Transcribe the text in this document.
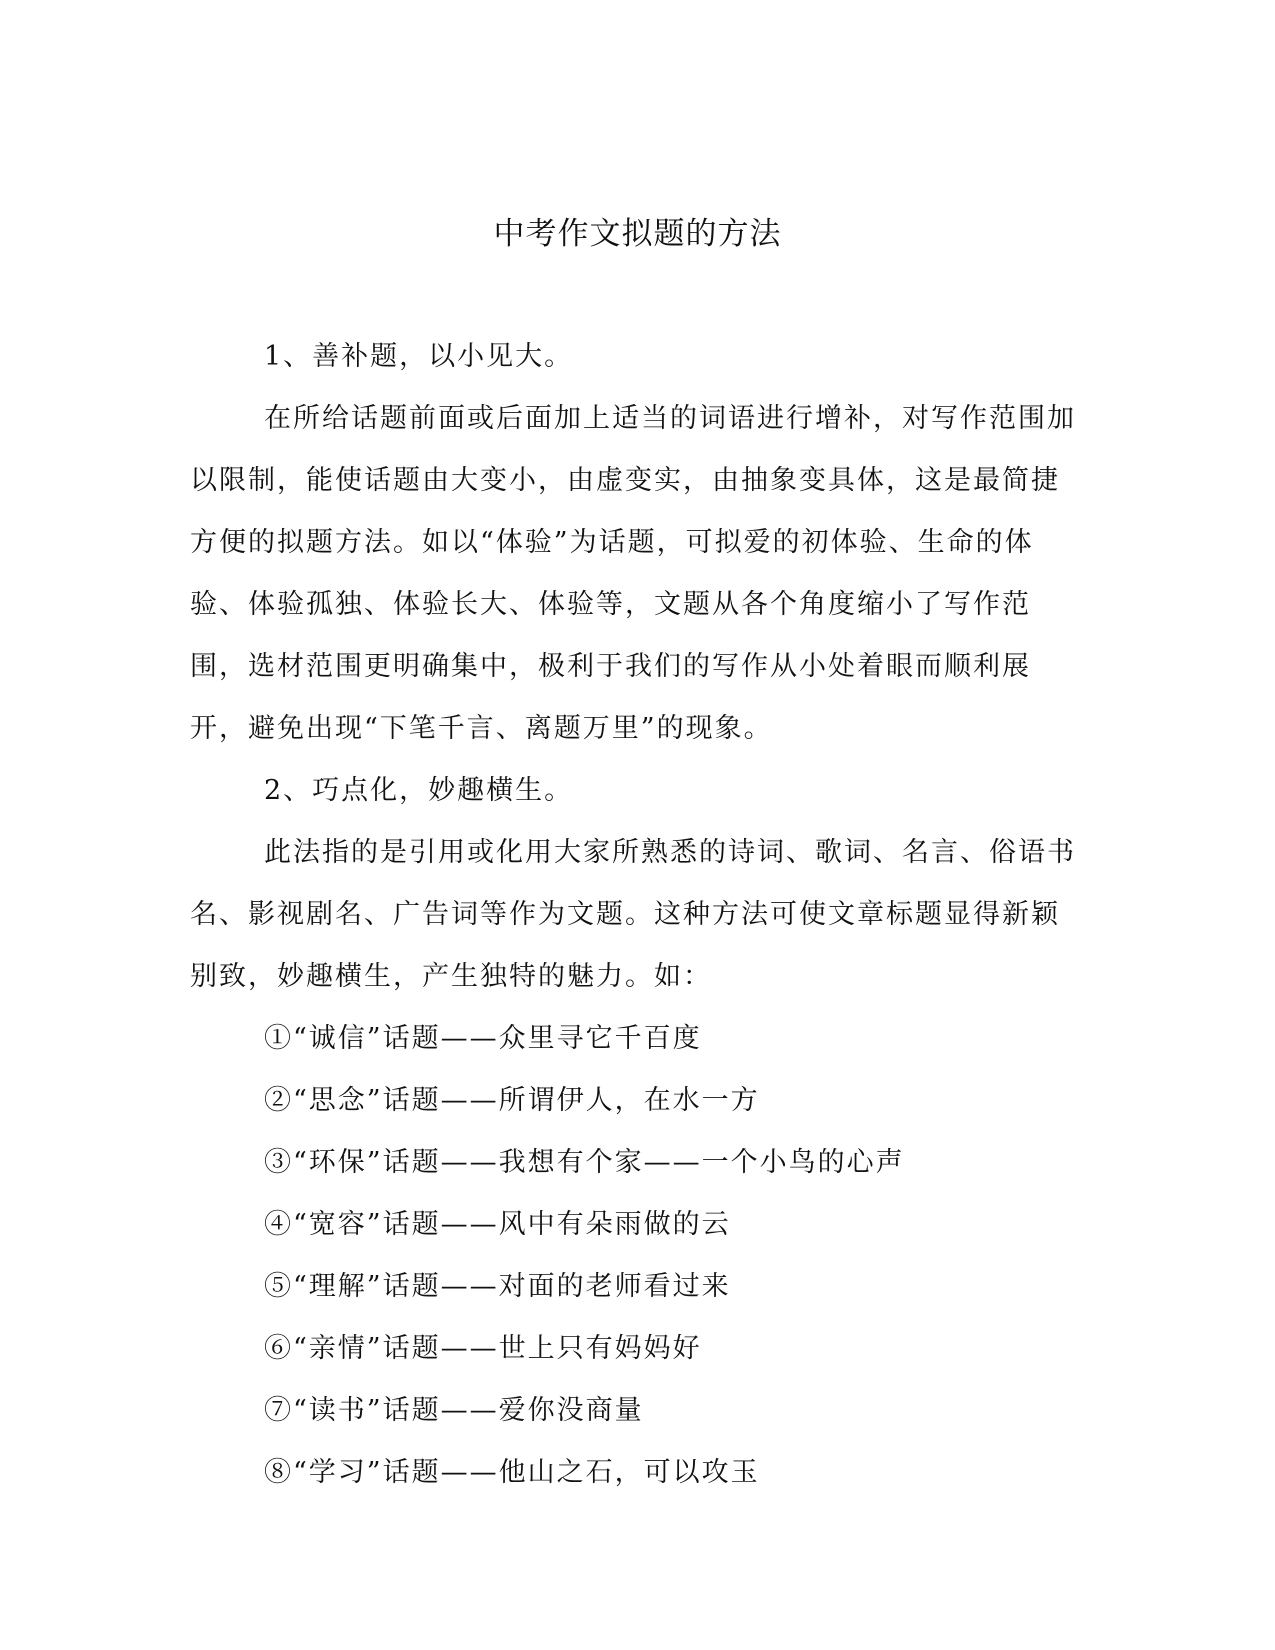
中考作文拟题的方法

1、善补题，以小见大。

在所给话题前面或后面加上适当的词语进行增补，对写作范围加以限制，能使话题由大变小，由虚变实，由抽象变具体，这是最简捷方便的拟题方法。如以“体验”为话题，可拟爱的初体验、生命的体验、体验孤独、体验长大、体验等，文题从各个角度缩小了写作范围，选材范围更明确集中，极利于我们的写作从小处着眼而顺利展开，避免出现“下笔千言、离题万里”的现象。

2、巧点化，妙趣横生。

此法指的是引用或化用大家所熟悉的诗词、歌词、名言、俗语书名、影视剧名、广告词等作为文题。这种方法可使文章标题显得新颖别致，妙趣横生，产生独特的魅力。如：

①“诚信”话题——众里寻它千百度

②“思念”话题——所谓伊人，在水一方

③“环保”话题——我想有个家——一个小鸟的心声

④“宽容”话题——风中有朵雨做的云

⑤“理解”话题——对面的老师看过来

⑥“亲情”话题——世上只有妈妈好

⑦“读书”话题——爱你没商量

⑧“学习”话题——他山之石，可以攻玉
